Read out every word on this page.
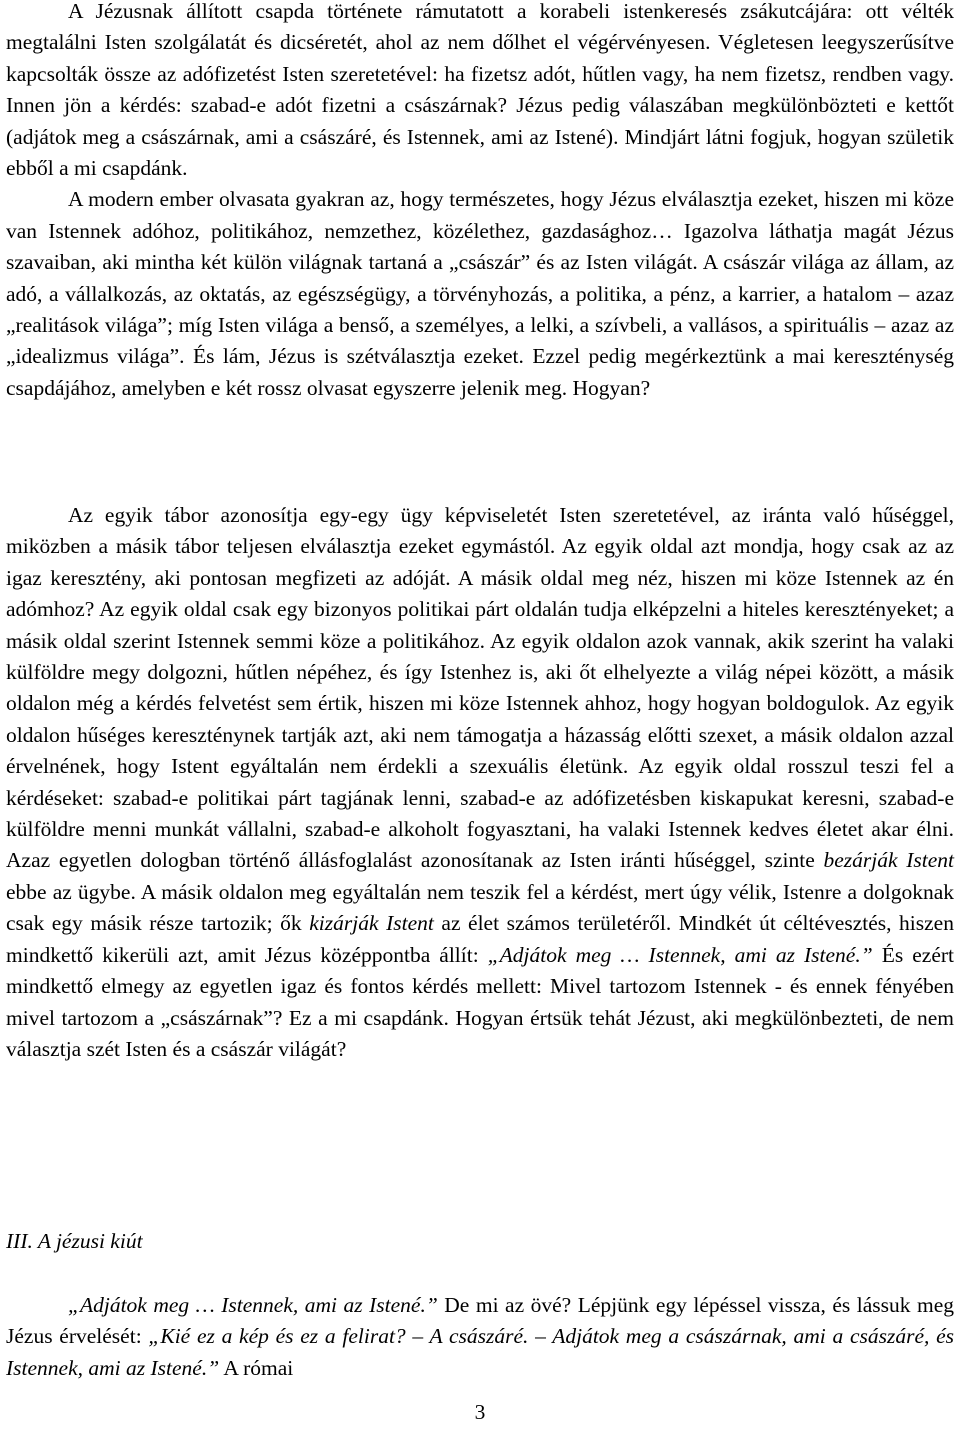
A Jézusnak állított csapda története rámutatott a korabeli istenkeresés zsákutcájára: ott vélték megtalálni Isten szolgálatát és dicséretét, ahol az nem dőlhet el végérvényesen. Végletesen leegyszerűsítve kapcsolták össze az adófizetést Isten szeretetével: ha fizetsz adót, hűtlen vagy, ha nem fizetsz, rendben vagy. Innen jön a kérdés: szabad-e adót fizetni a császárnak? Jézus pedig válaszában megkülönbözteti e kettőt (adjátok meg a császárnak, ami a császáré, és Istennek, ami az Istené). Mindjárt látni fogjuk, hogyan születik ebből a mi csapdánk.

A modern ember olvasata gyakran az, hogy természetes, hogy Jézus elválasztja ezeket, hiszen mi köze van Istennek adóhoz, politikához, nemzethez, közélethez, gazdasághoz… Igazolva láthatja magát Jézus szavaiban, aki mintha két külön világnak tartaná a „császár” és az Isten világát. A császár világa az állam, az adó, a vállalkozás, az oktatás, az egészségügy, a törvényhozás, a politika, a pénz, a karrier, a hatalom – azaz „realitások világa”; míg Isten világa a benső, a személyes, a lelki, a szívbeli, a vallásos, a spirituális – azaz az „idealizmus világa”. És lám, Jézus is szétválasztja ezeket. Ezzel pedig megérkeztünk a mai kereszténység csapdájához, amelyben e két rossz olvasat egyszerre jelenik meg. Hogyan?

Az egyik tábor azonosítja egy-egy ügy képviseletét Isten szeretetével, az iránta való hűséggel, miközben a másik tábor teljesen elválasztja ezeket egymástól. Az egyik oldal azt mondja, hogy csak az az igaz keresztény, aki pontosan megfizeti az adóját. A másik oldal meg néz, hiszen mi köze Istennek az én adómhoz? Az egyik oldal csak egy bizonyos politikai párt oldalán tudja elképzelni a hiteles keresztényeket; a másik oldal szerint Istennek semmi köze a politikához. Az egyik oldalon azok vannak, akik szerint ha valaki külföldre megy dolgozni, hűtlen népéhez, és így Istenhez is, aki őt elhelyezte a világ népei között, a másik oldalon még a kérdés felvetést sem értik, hiszen mi köze Istennek ahhoz, hogy hogyan boldogulok. Az egyik oldalon hűséges kereszténynek tartják azt, aki nem támogatja a házasság előtti szexet, a másik oldalon azzal érvelnének, hogy Istent egyáltalán nem érdekli a szexuális életünk. Az egyik oldal rosszul teszi fel a kérdéseket: szabad-e politikai párt tagjának lenni, szabad-e az adófizetésben kiskapukat keresni, szabad-e külföldre menni munkát vállalni, szabad-e alkoholt fogyasztani, ha valaki Istennek kedves életet akar élni. Azaz egyetlen dologban történő állásfoglalást azonosítanak az Isten iránti hűséggel, szinte bezárják Istent ebbe az ügybe. A másik oldalon meg egyáltalán nem teszik fel a kérdést, mert úgy vélik, Istenre a dolgoknak csak egy másik része tartozik; ők kizárják Istent az élet számos területéről. Mindkét út céltévesztés, hiszen mindkettő kikerüli azt, amit Jézus középpontba állít: „Adjátok meg … Istennek, ami az Istené.” És ezért mindkettő elmegy az egyetlen igaz és fontos kérdés mellett: Mivel tartozom Istennek - és ennek fényében mivel tartozom a „császárnak”? Ez a mi csapdánk. Hogyan értsük tehát Jézust, aki megkülönbezteti, de nem választja szét Isten és a császár világát?

III. A jézusi kiút

„Adjátok meg … Istennek, ami az Istené.” De mi az övé? Lépjünk egy lépéssel vissza, és lássuk meg Jézus érvelését: „Kié ez a kép és ez a felirat? – A császáré. – Adjátok meg a császárnak, ami a császáré, és Istennek, ami az Istené.” A római

3
